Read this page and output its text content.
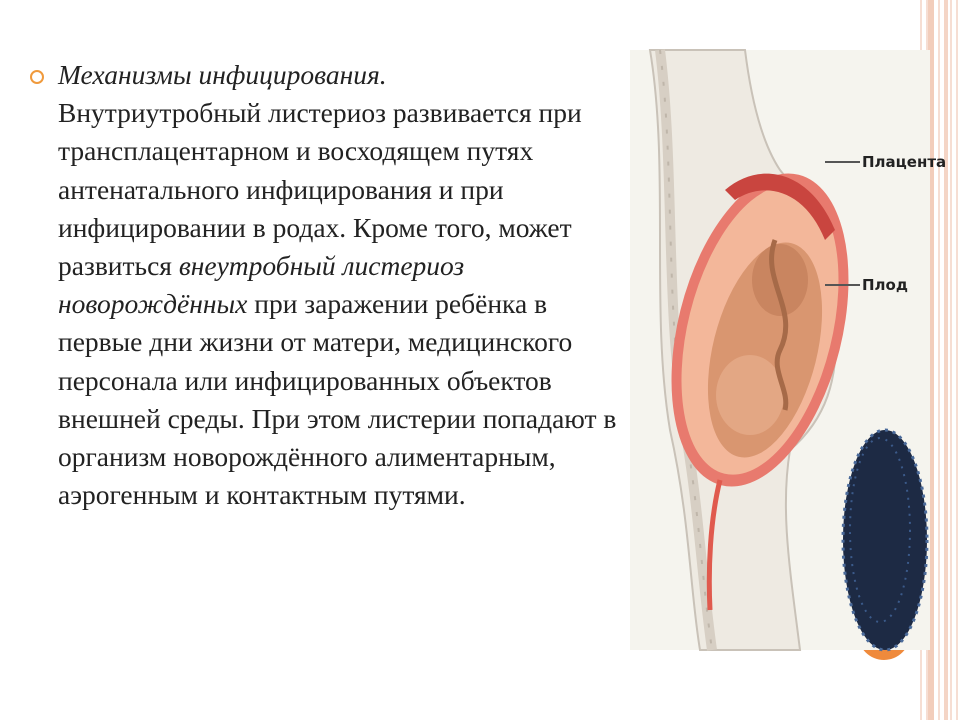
Механизмы инфицирования.
Внутриутробный листериоз развивается при трансплацентарном и восходящем путях антенатального инфицирования и при инфицировании в родах. Кроме того, может развиться внеутробный листериоз новорождённых при заражении ребёнка в первые дни жизни от матери, медицинского персонала или инфицированных объектов внешней среды. При этом листерии попадают в организм новорождённого алиментарным, аэрогенным и контактным путями.
Плацента
Плод
